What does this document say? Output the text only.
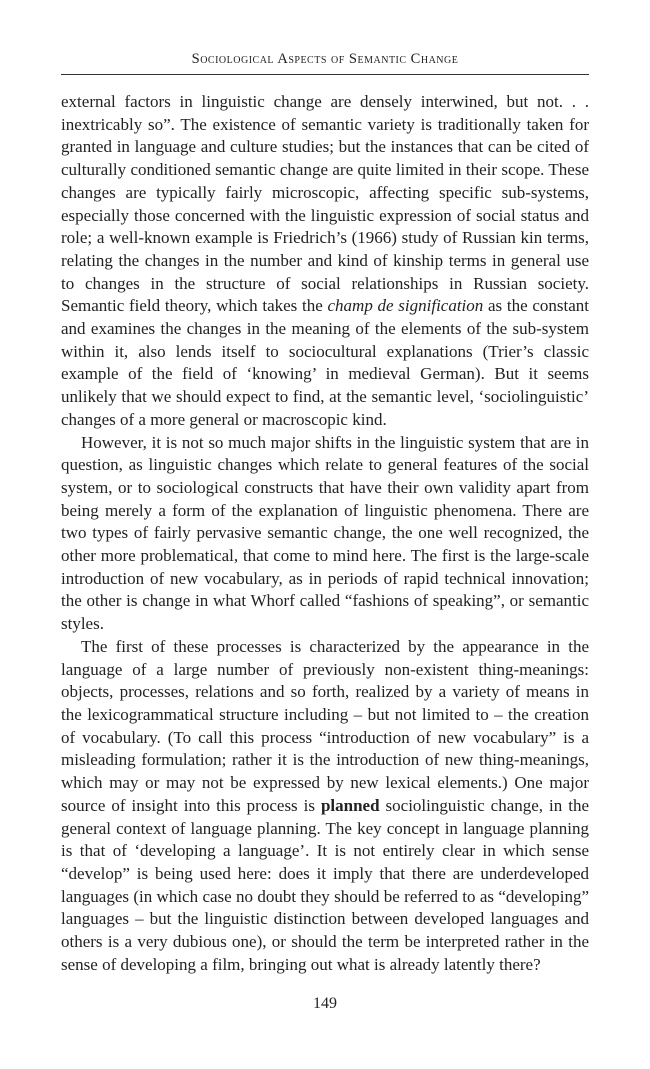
Sociological Aspects of Semantic Change

external factors in linguistic change are densely interwined, but not. . . inextricably so”. The existence of semantic variety is traditionally taken for granted in language and culture studies; but the instances that can be cited of culturally conditioned semantic change are quite limited in their scope. These changes are typically fairly microscopic, affecting specific sub-systems, especially those concerned with the linguistic expression of social status and role; a well-known example is Friedrich’s (1966) study of Russian kin terms, relating the changes in the number and kind of kinship terms in general use to changes in the structure of social relationships in Russian society. Semantic field theory, which takes the champ de signification as the constant and examines the changes in the meaning of the elements of the sub-system within it, also lends itself to sociocultural explanations (Trier’s classic example of the field of ‘knowing’ in medieval German). But it seems unlikely that we should expect to find, at the semantic level, ‘sociolinguistic’ changes of a more general or macroscopic kind.

However, it is not so much major shifts in the linguistic system that are in question, as linguistic changes which relate to general features of the social system, or to sociological constructs that have their own validity apart from being merely a form of the explanation of linguistic phenomena. There are two types of fairly pervasive semantic change, the one well recognized, the other more problematical, that come to mind here. The first is the large-scale introduction of new vocabulary, as in periods of rapid technical innovation; the other is change in what Whorf called “fashions of speaking”, or semantic styles.

The first of these processes is characterized by the appearance in the language of a large number of previously non-existent thing-meanings: objects, processes, relations and so forth, realized by a variety of means in the lexicogrammatical structure including – but not limited to – the creation of vocabulary. (To call this process “introduction of new vocabulary” is a misleading formulation; rather it is the introduction of new thing-meanings, which may or may not be expressed by new lexical elements.) One major source of insight into this process is planned sociolinguistic change, in the general context of language planning. The key concept in language planning is that of ‘developing a language’. It is not entirely clear in which sense “develop” is being used here: does it imply that there are underdeveloped languages (in which case no doubt they should be referred to as “developing” languages – but the linguistic distinction between developed languages and others is a very dubious one), or should the term be interpreted rather in the sense of developing a film, bringing out what is already latently there?

149
